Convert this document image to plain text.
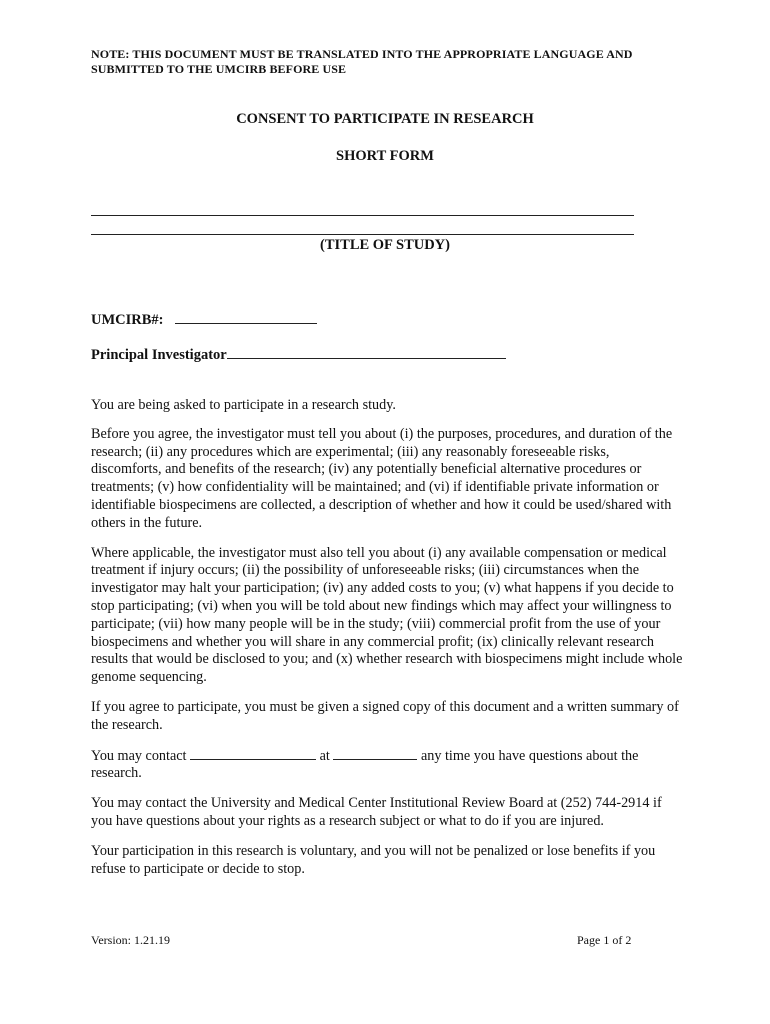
NOTE: THIS DOCUMENT MUST BE TRANSLATED INTO THE APPROPRIATE LANGUAGE AND SUBMITTED TO THE UMCIRB BEFORE USE
CONSENT TO PARTICIPATE IN RESEARCH
SHORT FORM
(TITLE OF STUDY)
UMCIRB#:
Principal Investigator

You are being asked to participate in a research study.

Before you agree, the investigator must tell you about (i) the purposes, procedures, and duration of the research; (ii) any procedures which are experimental; (iii) any reasonably foreseeable risks, discomforts, and benefits of the research; (iv) any potentially beneficial alternative procedures or treatments; (v) how confidentiality will be maintained; and (vi) if identifiable private information or identifiable biospecimens are collected, a description of whether and how it could be used/shared with others in the future.

Where applicable, the investigator must also tell you about (i) any available compensation or medical treatment if injury occurs; (ii) the possibility of unforeseeable risks; (iii) circumstances when the investigator may halt your participation; (iv) any added costs to you; (v) what happens if you decide to stop participating; (vi) when you will be told about new findings which may affect your willingness to participate; (vii) how many people will be in the study; (viii) commercial profit from the use of your biospecimens and whether you will share in any commercial profit; (ix) clinically relevant research results that would be disclosed to you; and (x) whether research with biospecimens might include whole genome sequencing.

If you agree to participate, you must be given a signed copy of this document and a written summary of the research.

You may contact	at	any time you have questions about the research.

You may contact the University and Medical Center Institutional Review Board at (252) 744-2914 if you have questions about your rights as a research subject or what to do if you are injured.

Your participation in this research is voluntary, and you will not be penalized or lose benefits if you refuse to participate or decide to stop.

Version: 1.21.19	Page 1 of 2
